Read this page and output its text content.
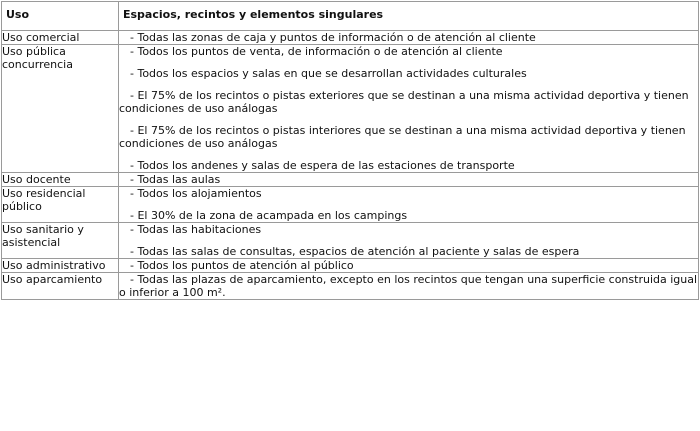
Uso	Espacios, recintos y elementos singulares

Uso comercial	- Todas las zonas de caja y puntos de información o de atención al cliente

Uso pública concurrencia	- Todos los puntos de venta, de información o de atención al cliente
- Todos los espacios y salas en que se desarrollan actividades culturales
- El 75% de los recintos o pistas exteriores que se destinan a una misma actividad deportiva y tienen condiciones de uso análogas
- El 75% de los recintos o pistas interiores que se destinan a una misma actividad deportiva y tienen condiciones de uso análogas
- Todos los andenes y salas de espera de las estaciones de transporte

Uso docente	- Todas las aulas

Uso residencial público	- Todos los alojamientos
- El 30% de la zona de acampada en los campings

Uso sanitario y asistencial	- Todas las habitaciones
- Todas las salas de consultas, espacios de atención al paciente y salas de espera

Uso administrativo	- Todos los puntos de atención al público

Uso aparcamiento	- Todas las plazas de aparcamiento, excepto en los recintos que tengan una superficie construida igual o inferior a 100 m².
